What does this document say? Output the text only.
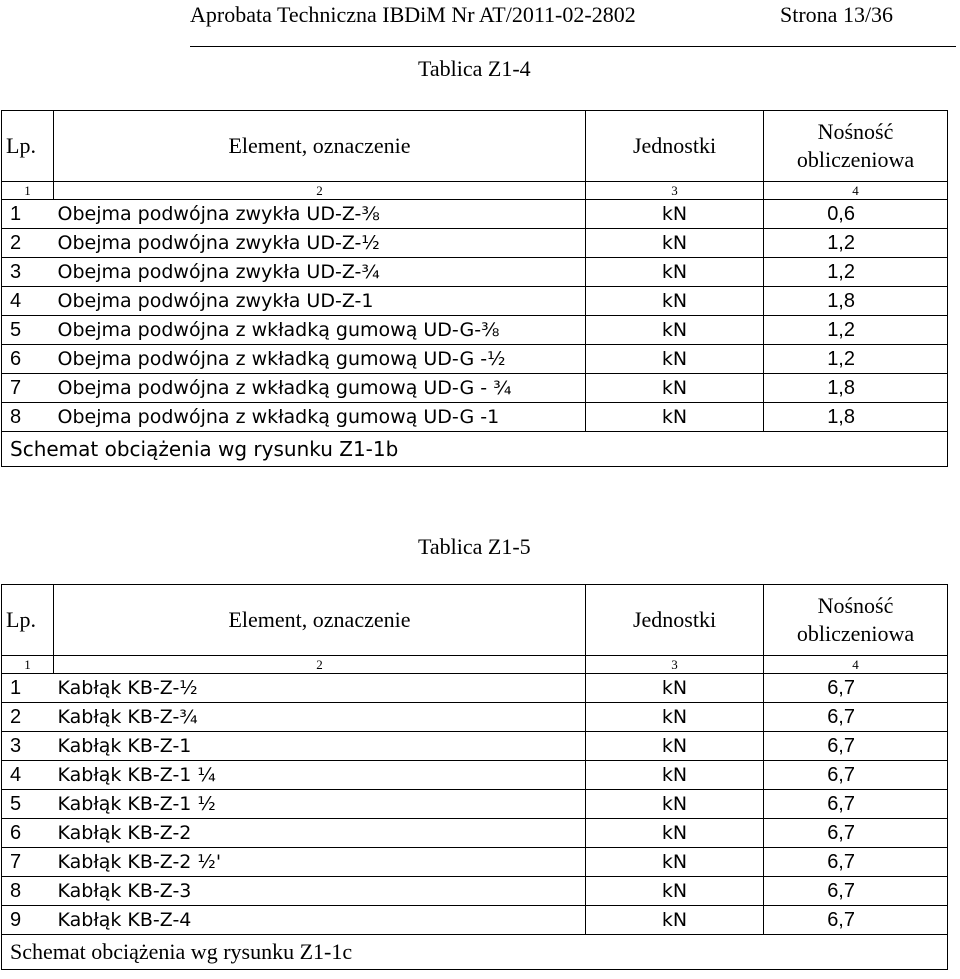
Aprobata Techniczna IBDiM Nr AT/2011-02-2802	Strona 13/36
Tablica Z1-4
Lp.	Element, oznaczenie	Jednostki	Nośność obliczeniowa
1	2	3	4
1	Obejma podwójna zwykła UD-Z-⅜	kN	0,6
2	Obejma podwójna zwykła UD-Z-½	kN	1,2
3	Obejma podwójna zwykła UD-Z-¾	kN	1,2
4	Obejma podwójna zwykła UD-Z-1	kN	1,8
5	Obejma podwójna z wkładką gumową UD-G-⅜	kN	1,2
6	Obejma podwójna z wkładką gumową UD-G -½	kN	1,2
7	Obejma podwójna z wkładką gumową UD-G - ¾	kN	1,8
8	Obejma podwójna z wkładką gumową UD-G -1	kN	1,8
Schemat obciążenia wg rysunku Z1-1b			
Tablica Z1-5
Lp.	Element, oznaczenie	Jednostki	Nośność obliczeniowa
1	2	3	4
1	Kabłąk KB-Z-½	kN	6,7
2	Kabłąk KB-Z-¾	kN	6,7
3	Kabłąk KB-Z-1	kN	6,7
4	Kabłąk KB-Z-1 ¼	kN	6,7
5	Kabłąk KB-Z-1 ½	kN	6,7
6	Kabłąk KB-Z-2	kN	6,7
7	Kabłąk KB-Z-2 ½'	kN	6,7
8	Kabłąk KB-Z-3	kN	6,7
9	Kabłąk KB-Z-4	kN	6,7
Schemat obciążenia wg rysunku Z1-1c			
